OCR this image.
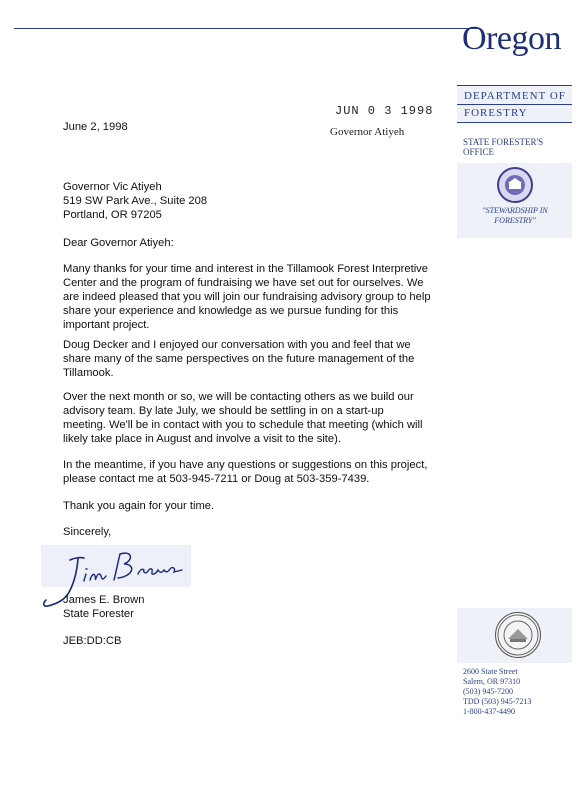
Oregon
DEPARTMENT OF
FORESTRY
STATE FORESTER'S
OFFICE
"STEWARDSHIP IN
FORESTRY"
2600 State Street
Salem, OR 97310
(503) 945-7200
TDD (503) 945-7213
1-800-437-4490
JUN 0 3 1998
Governor Atiyeh
June 2, 1998
Governor Vic Atiyeh
519 SW Park Ave., Suite 208
Portland, OR 97205
Dear Governor Atiyeh:
Many thanks for your time and interest in the Tillamook Forest Interpretive
Center and the program of fundraising we have set out for ourselves. We
are indeed pleased that you will join our fundraising advisory group to help
share your experience and knowledge as we pursue funding for this
important project.
Doug Decker and I enjoyed our conversation with you and feel that we
share many of the same perspectives on the future management of the
Tillamook.
Over the next month or so, we will be contacting others as we build our
advisory team. By late July, we should be settling in on a start-up
meeting. We'll be in contact with you to schedule that meeting (which will
likely take place in August and involve a visit to the site).
In the meantime, if you have any questions or suggestions on this project,
please contact me at 503-945-7211 or Doug at 503-359-7439.
Thank you again for your time.
Sincerely,
James E. Brown
State Forester
JEB:DD:CB
